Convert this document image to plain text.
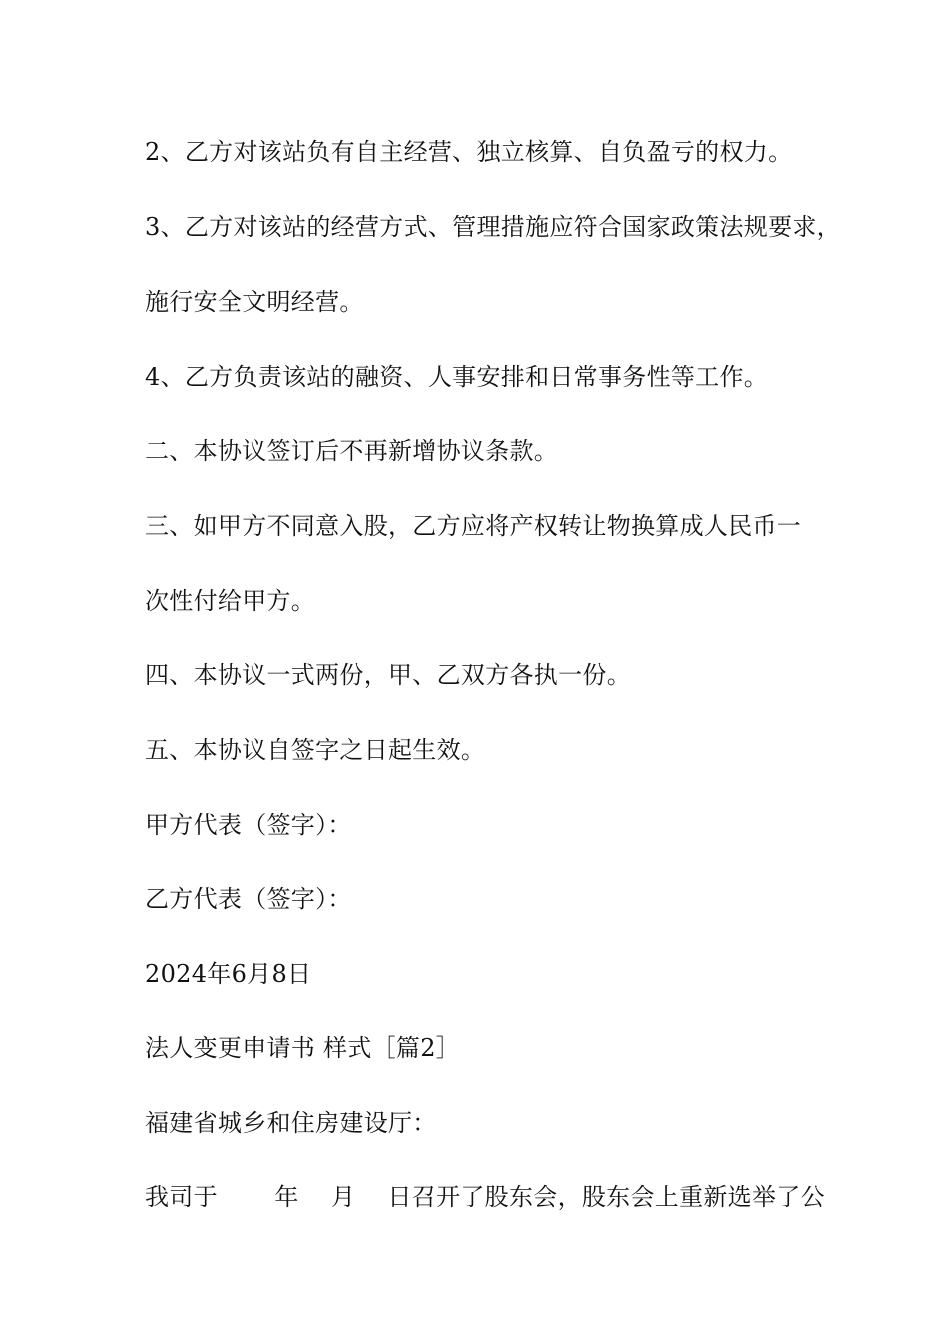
2、乙方对该站负有自主经营、独立核算、自负盈亏的权力。
3、乙方对该站的经营方式、管理措施应符合国家政策法规要求，
施行安全文明经营。
4、乙方负责该站的融资、人事安排和日常事务性等工作。
二、本协议签订后不再新增协议条款。
三、如甲方不同意入股，乙方应将产权转让物换算成人民币一
次性付给甲方。
四、本协议一式两份，甲、乙双方各执一份。
五、本协议自签字之日起生效。
甲方代表（签字）：
乙方代表（签字）：
2024年6月8日
法人变更申请书 样式［篇2］
福建省城乡和住房建设厅：
我司于　　 年　 月　 日召开了股东会，股东会上重新选举了公
